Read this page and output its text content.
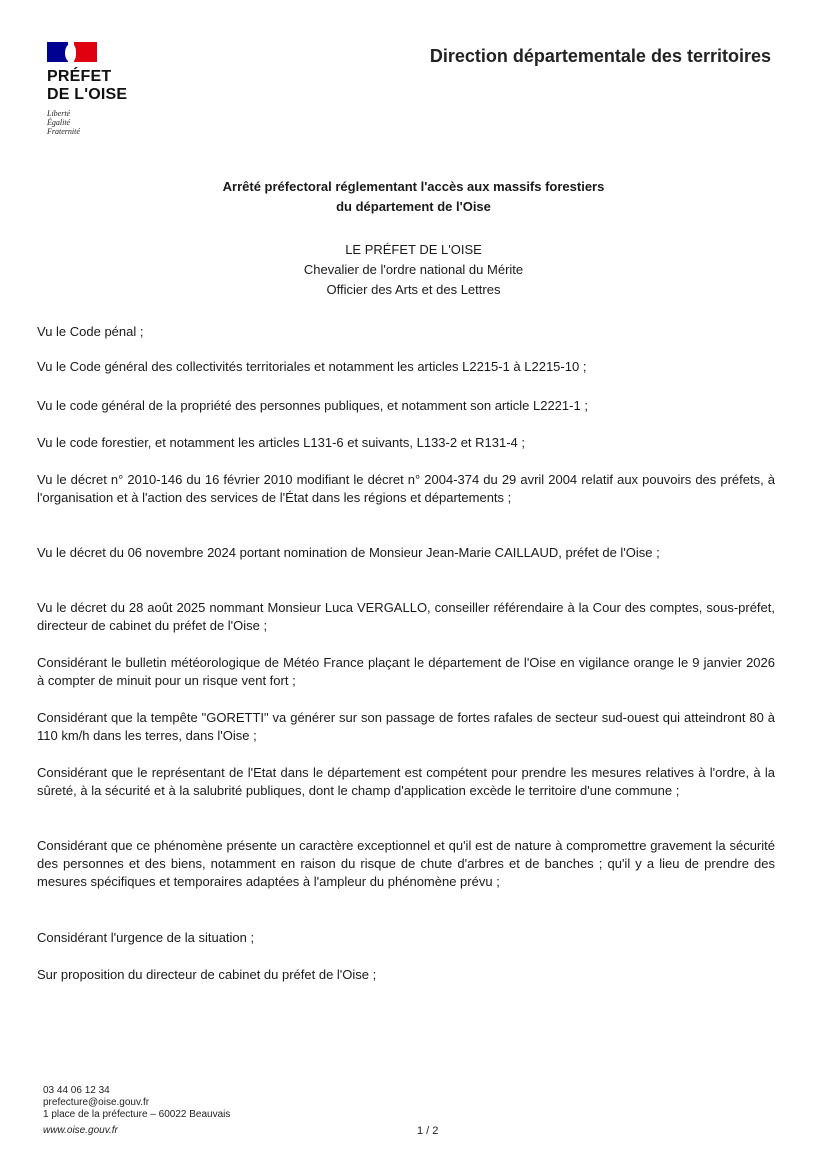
PRÉFET
DE L'OISE
Liberté
Égalité
Fraternité
Direction départementale des territoires
Arrêté préfectoral réglementant l'accès aux massifs forestiers
du département de l'Oise
LE PRÉFET DE L'OISE
Chevalier de l'ordre national du Mérite
Officier des Arts et des Lettres
Vu le Code pénal ;
Vu le Code général des collectivités territoriales et notamment les articles L2215-1 à L2215-10 ;
Vu le code général de la propriété des personnes publiques, et notamment son article L2221-1 ;
Vu le code forestier, et notamment les articles L131-6 et suivants, L133-2 et R131-4 ;
Vu le décret n° 2010-146 du 16 février 2010 modifiant le décret n° 2004-374 du 29 avril 2004 relatif aux pouvoirs des préfets, à l'organisation et à l'action des services de l'État dans les régions et départements ;
Vu le décret du 06 novembre 2024 portant nomination de Monsieur Jean-Marie CAILLAUD, préfet de l'Oise ;
Vu le décret du 28 août 2025 nommant Monsieur Luca VERGALLO, conseiller référendaire à la Cour des comptes, sous-préfet, directeur de cabinet du préfet de l'Oise ;
Considérant le bulletin météorologique de Météo France plaçant le département de l'Oise en vigilance orange le 9 janvier 2026 à compter de minuit pour un risque vent fort ;
Considérant que la tempête "GORETTI" va générer sur son passage de fortes rafales de secteur sud-ouest qui atteindront 80 à 110 km/h dans les terres, dans l'Oise ;
Considérant que le représentant de l'Etat dans le département est compétent pour prendre les mesures relatives à l'ordre, à la sûreté, à la sécurité et à la salubrité publiques, dont le champ d'application excède le territoire d'une commune ;
Considérant que ce phénomène présente un caractère exceptionnel et qu'il est de nature à compromettre gravement la sécurité des personnes et des biens, notamment en raison du risque de chute d'arbres et de banches ; qu'il y a lieu de prendre des mesures spécifiques et temporaires adaptées à l'ampleur du phénomène prévu ;
Considérant l'urgence de la situation ;
Sur proposition du directeur de cabinet du préfet de l'Oise ;
03 44 06 12 34
prefecture@oise.gouv.fr
1 place de la préfecture – 60022 Beauvais
www.oise.gouv.fr	1 / 2
